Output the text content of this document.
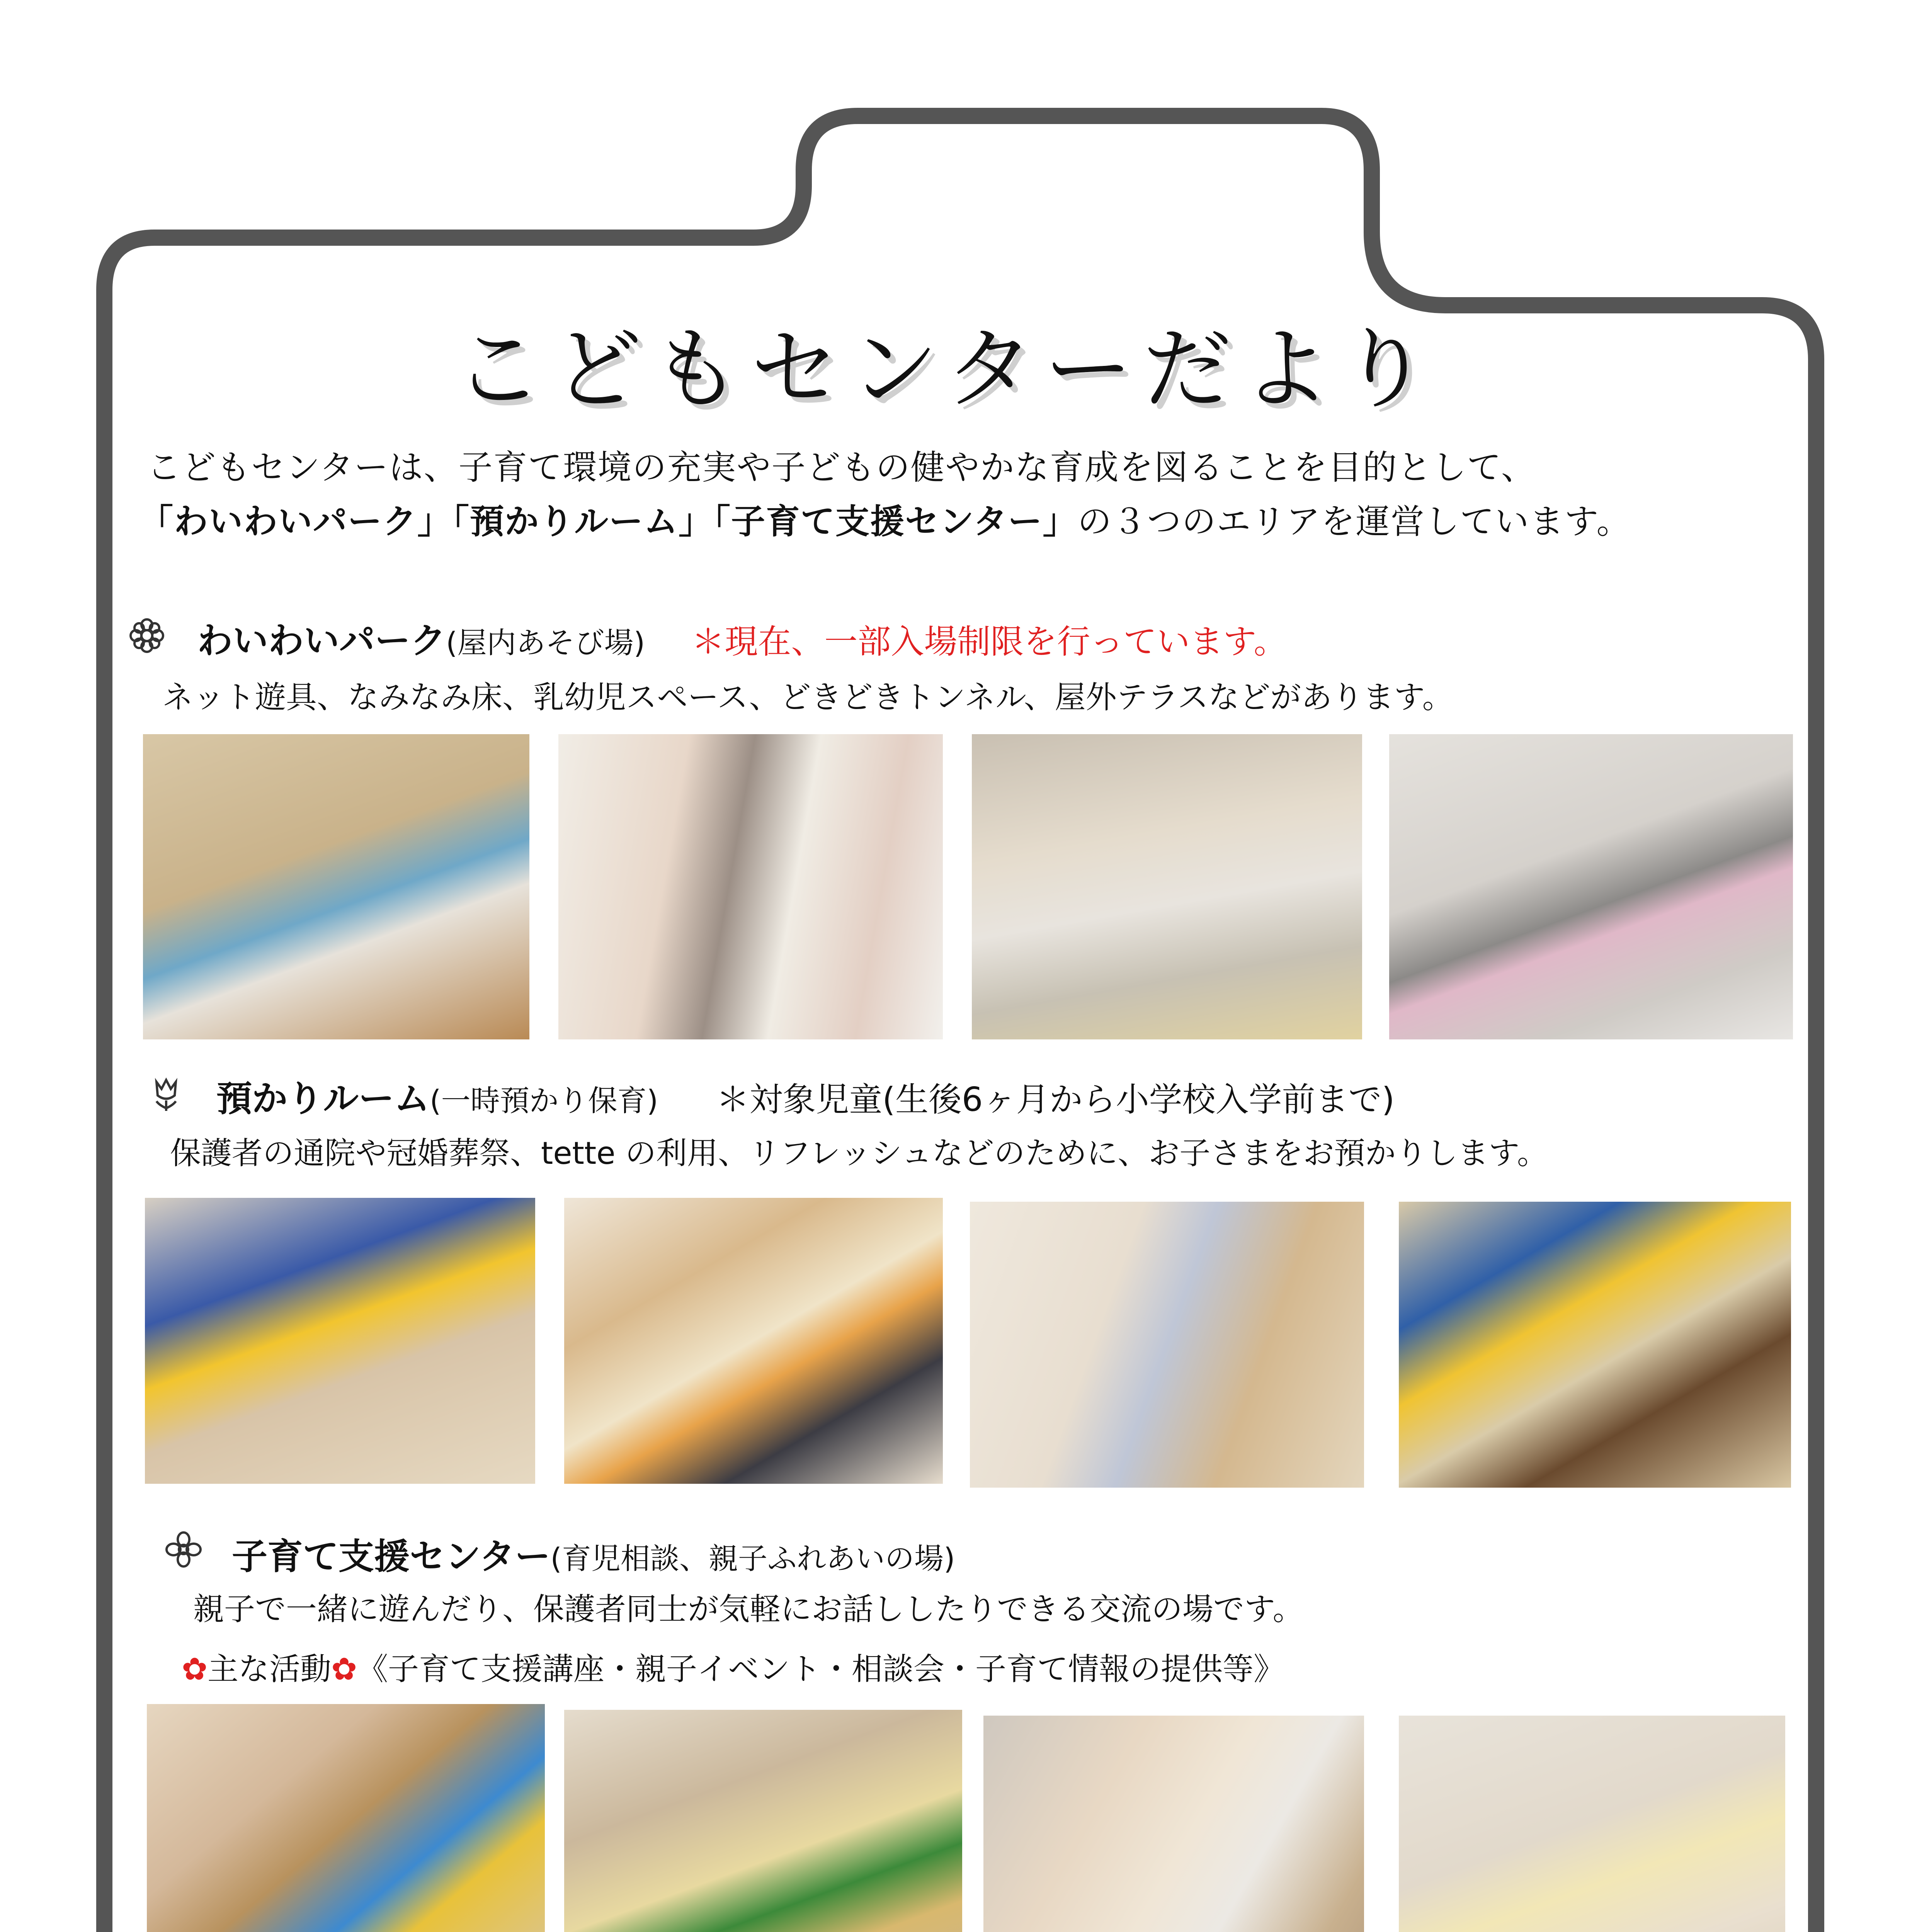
こどもセンターだより
こどもセンターは、子育て環境の充実や子どもの健やかな育成を図ることを目的として、
「わいわいパーク」「預かりルーム」「子育て支援センター」の３つのエリアを運営しています。
わいわいパーク(屋内あそび場) ＊現在、一部入場制限を行っています。
ネット遊具、なみなみ床、乳幼児スペース、どきどきトンネル、屋外テラスなどがあります。
預かりルーム(一時預かり保育) ＊対象児童(生後6ヶ月から小学校入学前まで)
保護者の通院や冠婚葬祭、tette の利用、リフレッシュなどのために、お子さまをお預かりします。
子育て支援センター(育児相談、親子ふれあいの場)
親子で一緒に遊んだり、保護者同士が気軽にお話ししたりできる交流の場です。
✿主な活動✿《子育て支援講座・親子イベント・相談会・子育て情報の提供等》
